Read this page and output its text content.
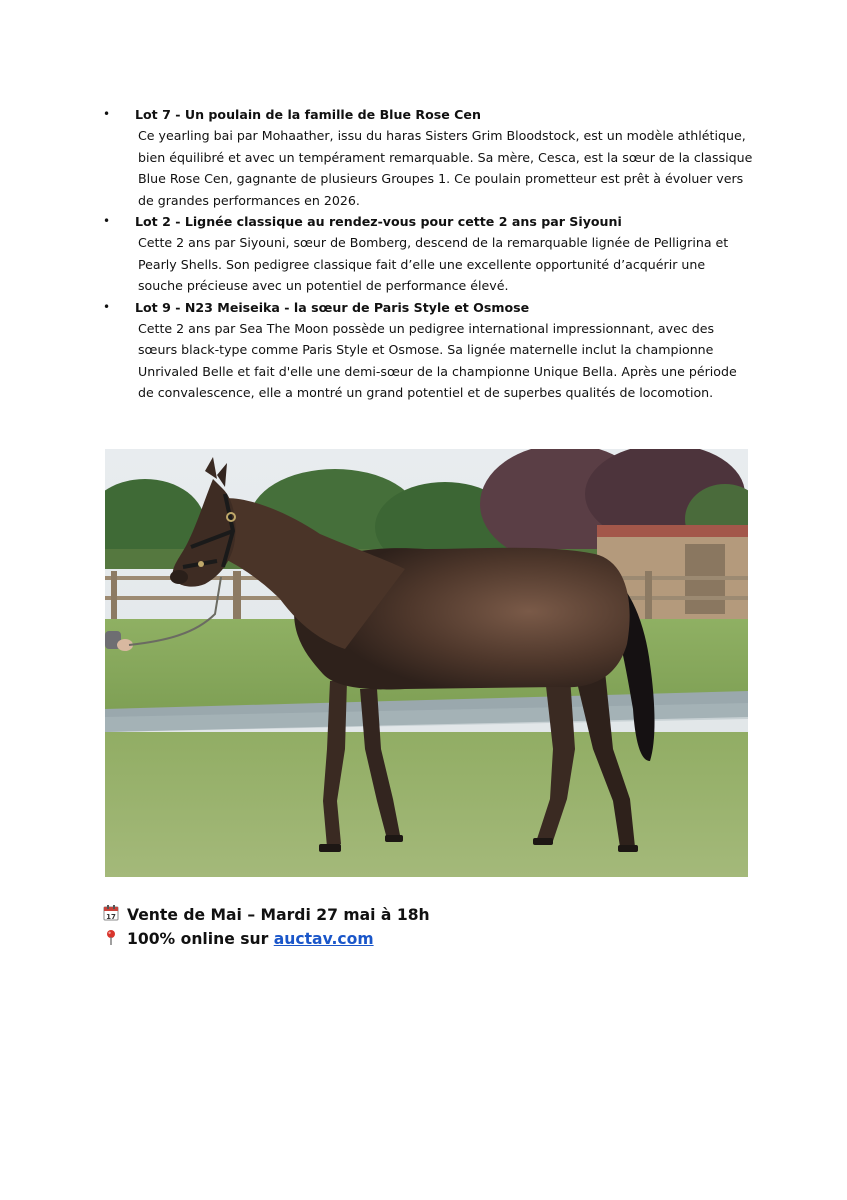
• Lot 7 - Un poulain de la famille de Blue Rose Cen
Ce yearling bai par Mohaather, issu du haras Sisters Grim Bloodstock, est un modèle athlétique, bien équilibré et avec un tempérament remarquable. Sa mère, Cesca, est la sœur de la classique Blue Rose Cen, gagnante de plusieurs Groupes 1. Ce poulain prometteur est prêt à évoluer vers de grandes performances en 2026.
• Lot 2 - Lignée classique au rendez-vous pour cette 2 ans par Siyouni
Cette 2 ans par Siyouni, sœur de Bomberg, descend de la remarquable lignée de Pelligrina et Pearly Shells. Son pedigree classique fait d’elle une excellente opportunité d’acquérir une souche précieuse avec un potentiel de performance élevé.
• Lot 9 - N23 Meiseika - la sœur de Paris Style et Osmose
Cette 2 ans par Sea The Moon possède un pedigree international impressionnant, avec des sœurs black-type comme Paris Style et Osmose. Sa lignée maternelle inclut la championne Unrivaled Belle et fait d'elle une demi-sœur de la championne Unique Bella. Après une période de convalescence, elle a montré un grand potentiel et de superbes qualités de locomotion.
17 Vente de Mai – Mardi 27 mai à 18h
100% online sur auctav.com
